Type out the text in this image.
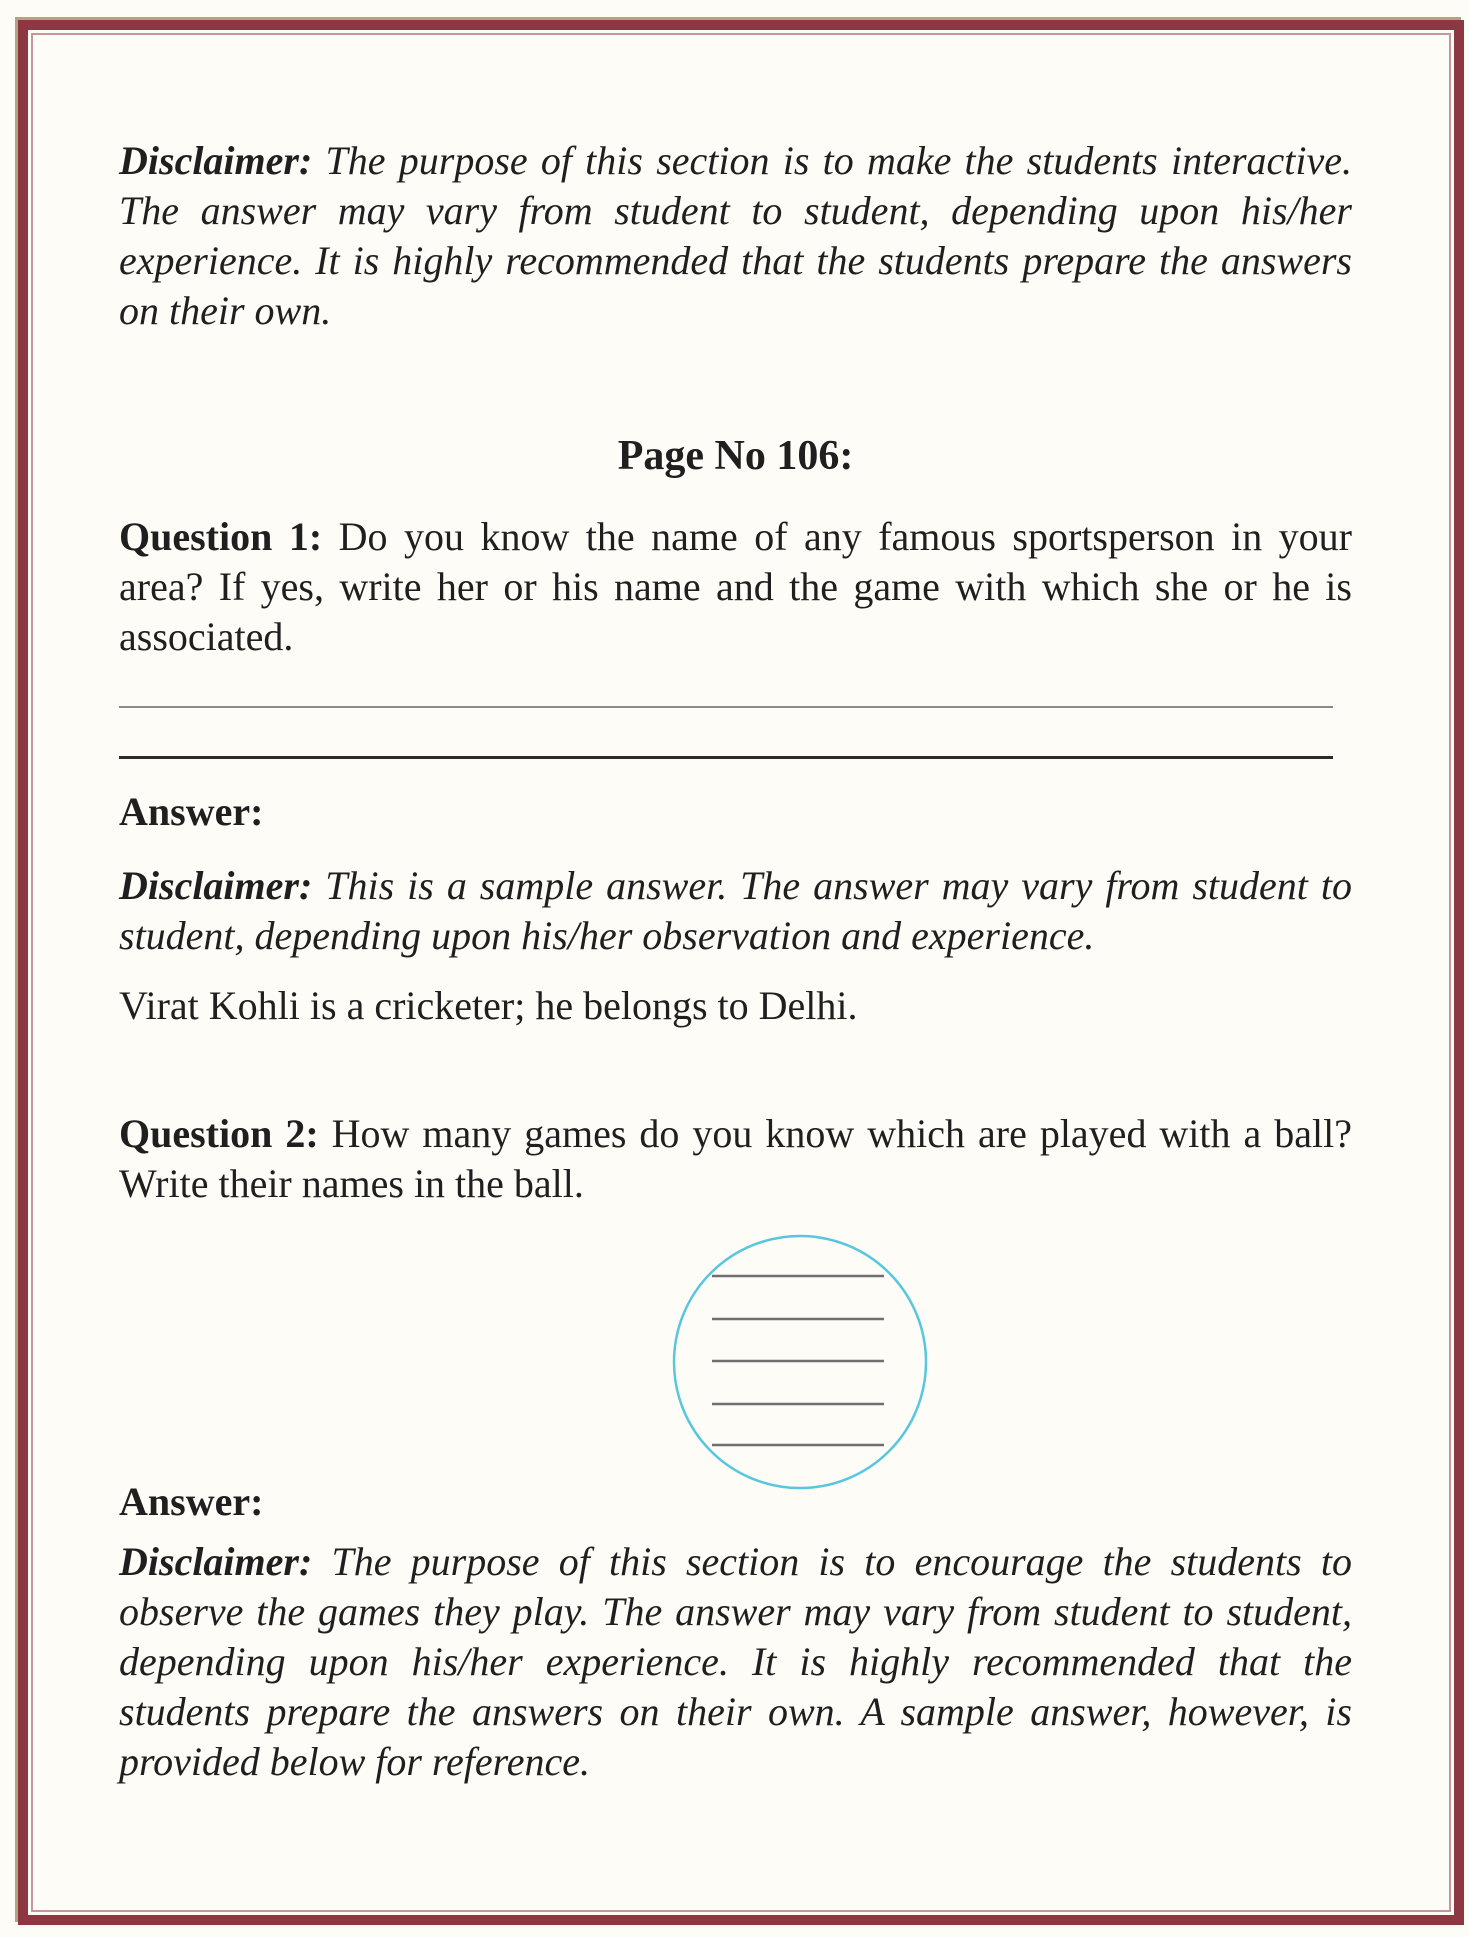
Disclaimer: The purpose of this section is to make the students interactive. The answer may vary from student to student, depending upon his/her experience. It is highly recommended that the students prepare the answers on their own.

Page No 106:

Question 1: Do you know the name of any famous sportsperson in your area? If yes, write her or his name and the game with which she or he is associated.

Answer:

Disclaimer: This is a sample answer. The answer may vary from student to student, depending upon his/her observation and experience.

Virat Kohli is a cricketer; he belongs to Delhi.

Question 2: How many games do you know which are played with a ball? Write their names in the ball.

Answer:

Disclaimer: The purpose of this section is to encourage the students to observe the games they play. The answer may vary from student to student, depending upon his/her experience. It is highly recommended that the students prepare the answers on their own. A sample answer, however, is provided below for reference.
